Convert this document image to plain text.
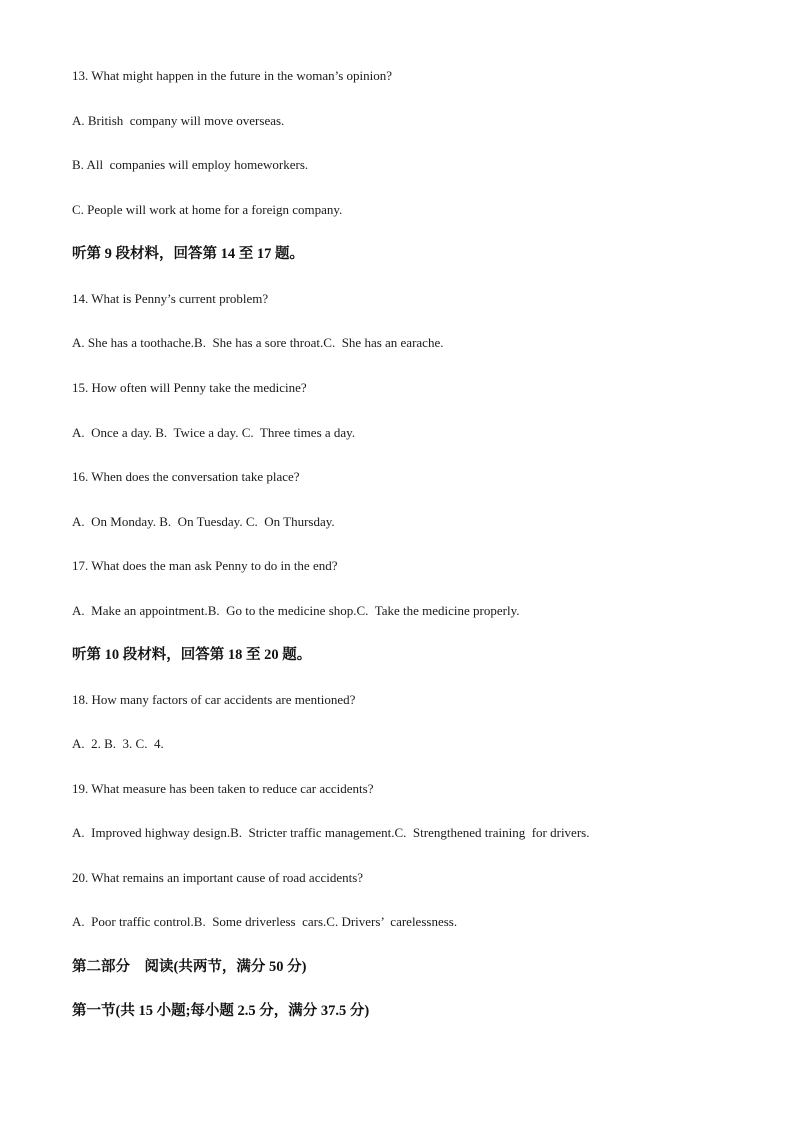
13. What might happen in the future in the woman’s opinion?
A. British  company will move overseas.
B. All  companies will employ homeworkers.
C. People will work at home for a foreign company.
听第 9 段材料，回答第 14 至 17 题。
14. What is Penny’s current problem?
A. She has a toothache.B.  She has a sore throat.C.  She has an earache.
15. How often will Penny take the medicine?
A.  Once a day. B.  Twice a day. C.  Three times a day.
16. When does the conversation take place?
A.  On Monday. B.  On Tuesday. C.  On Thursday.
17. What does the man ask Penny to do in the end?
A.  Make an appointment.B.  Go to the medicine shop.C.  Take the medicine properly.
听第 10 段材料，回答第 18 至 20 题。
18. How many factors of car accidents are mentioned?
A.  2. B.  3. C.  4.
19. What measure has been taken to reduce car accidents?
A.  Improved highway design.B.  Stricter traffic management.C.  Strengthened training  for drivers.
20. What remains an important cause of road accidents?
A.  Poor traffic control.B.  Some driverless  cars.C. Drivers’  carelessness.
第二部分    阅读(共两节，满分 50 分)
第一节(共 15 小题;每小题 2.5 分，满分 37.5 分)
